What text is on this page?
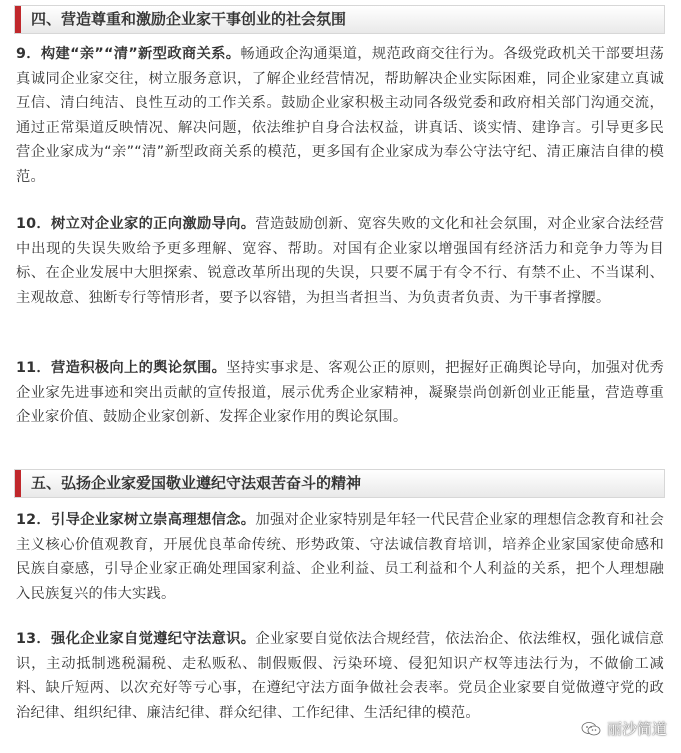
四、营造尊重和激励企业家干事创业的社会氛围

9．构建“亲”“清”新型政商关系。畅通政企沟通渠道，规范政商交往行为。各级党政机关干部要坦荡真诚同企业家交往，树立服务意识，了解企业经营情况，帮助解决企业实际困难，同企业家建立真诚互信、清白纯洁、良性互动的工作关系。鼓励企业家积极主动同各级党委和政府相关部门沟通交流，通过正常渠道反映情况、解决问题，依法维护自身合法权益，讲真话、谈实情、建诤言。引导更多民营企业家成为“亲”“清”新型政商关系的模范，更多国有企业家成为奉公守法守纪、清正廉洁自律的模范。

10．树立对企业家的正向激励导向。营造鼓励创新、宽容失败的文化和社会氛围，对企业家合法经营中出现的失误失败给予更多理解、宽容、帮助。对国有企业家以增强国有经济活力和竞争力等为目标、在企业发展中大胆探索、锐意改革所出现的失误，只要不属于有令不行、有禁不止、不当谋利、主观故意、独断专行等情形者，要予以容错，为担当者担当、为负责者负责、为干事者撑腰。

11．营造积极向上的舆论氛围。坚持实事求是、客观公正的原则，把握好正确舆论导向，加强对优秀企业家先进事迹和突出贡献的宣传报道，展示优秀企业家精神，凝聚崇尚创新创业正能量，营造尊重企业家价值、鼓励企业家创新、发挥企业家作用的舆论氛围。

五、弘扬企业家爱国敬业遵纪守法艰苦奋斗的精神

12．引导企业家树立崇高理想信念。加强对企业家特别是年轻一代民营企业家的理想信念教育和社会主义核心价值观教育，开展优良革命传统、形势政策、守法诚信教育培训，培养企业家国家使命感和民族自豪感，引导企业家正确处理国家利益、企业利益、员工利益和个人利益的关系，把个人理想融入民族复兴的伟大实践。

13．强化企业家自觉遵纪守法意识。企业家要自觉依法合规经营，依法治企、依法维权，强化诚信意识，主动抵制逃税漏税、走私贩私、制假贩假、污染环境、侵犯知识产权等违法行为，不做偷工减料、缺斤短两、以次充好等亏心事，在遵纪守法方面争做社会表率。党员企业家要自觉做遵守党的政治纪律、组织纪律、廉洁纪律、群众纪律、工作纪律、生活纪律的模范。

丽沙简道
